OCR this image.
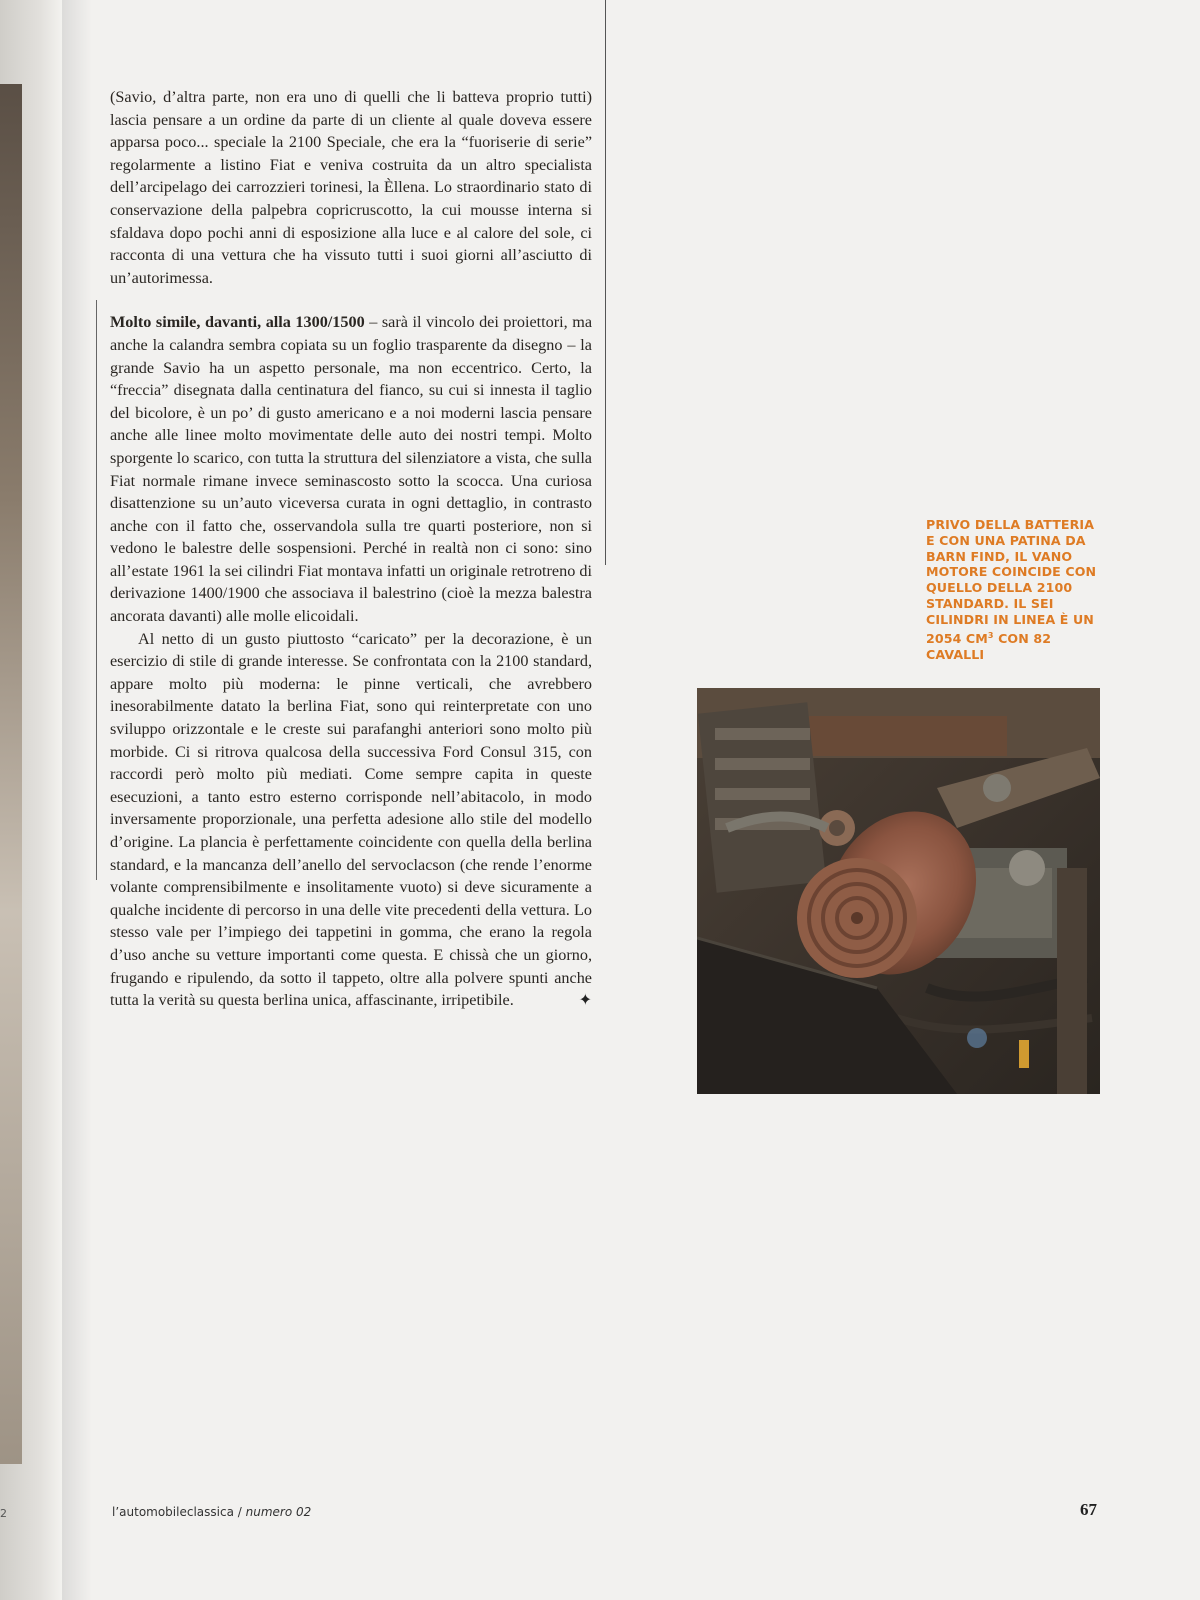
2

(Savio, d’altra parte, non era uno di quelli che li batteva proprio tutti) lascia pensare a un ordine da parte di un cliente al quale doveva essere apparsa poco... speciale la 2100 Speciale, che era la “fuoriserie di serie” regolarmente a listino Fiat e veniva costruita da un altro specialista dell’arcipelago dei carrozzieri torinesi, la Èllena. Lo straordinario stato di conservazione della palpebra copricruscotto, la cui mousse interna si sfaldava dopo pochi anni di esposizione alla luce e al calore del sole, ci racconta di una vettura che ha vissuto tutti i suoi giorni all’asciutto di un’autorimessa.

Molto simile, davanti, alla 1300/1500 – sarà il vincolo dei proiettori, ma anche la calandra sembra copiata su un foglio trasparente da disegno – la grande Savio ha un aspetto personale, ma non eccentrico. Certo, la “freccia” disegnata dalla centinatura del fianco, su cui si innesta il taglio del bicolore, è un po’ di gusto americano e a noi moderni lascia pensare anche alle linee molto movimentate delle auto dei nostri tempi. Molto sporgente lo scarico, con tutta la struttura del silenziatore a vista, che sulla Fiat normale rimane invece seminascosto sotto la scocca. Una curiosa disattenzione su un’auto viceversa curata in ogni dettaglio, in contrasto anche con il fatto che, osservandola sulla tre quarti posteriore, non si vedono le balestre delle sospensioni. Perché in realtà non ci sono: sino all’estate 1961 la sei cilindri Fiat montava infatti un originale retrotreno di derivazione 1400/1900 che associava il balestrino (cioè la mezza balestra ancorata davanti) alle molle elicoidali.

Al netto di un gusto piuttosto “caricato” per la decorazione, è un esercizio di stile di grande interesse. Se confrontata con la 2100 standard, appare molto più moderna: le pinne verticali, che avrebbero inesorabilmente datato la berlina Fiat, sono qui reinterpretate con uno sviluppo orizzontale e le creste sui parafanghi anteriori sono molto più morbide. Ci si ritrova qualcosa della successiva Ford Consul 315, con raccordi però molto più mediati. Come sempre capita in queste esecuzioni, a tanto estro esterno corrisponde nell’abitacolo, in modo inversamente proporzionale, una perfetta adesione allo stile del modello d’origine. La plancia è perfettamente coincidente con quella della berlina standard, e la mancanza dell’anello del servoclacson (che rende l’enorme volante comprensibilmente e insolitamente vuoto) si deve sicuramente a qualche incidente di percorso in una delle vite precedenti della vettura. Lo stesso vale per l’impiego dei tappetini in gomma, che erano la regola d’uso anche su vetture importanti come questa. E chissà che un giorno, frugando e ripulendo, da sotto il tappeto, oltre alla polvere spunti anche tutta la verità su questa berlina unica, affascinante, irripetibile.	✦
PRIVO DELLA BATTERIA E CON UNA PATINA DA BARN FIND, IL VANO MOTORE COINCIDE CON QUELLO DELLA 2100 STANDARD. IL SEI CILINDRI IN LINEA È UN 2054 $CM^3$ CON 82 CAVALLI
l’automobileclassica / numero 02	67
